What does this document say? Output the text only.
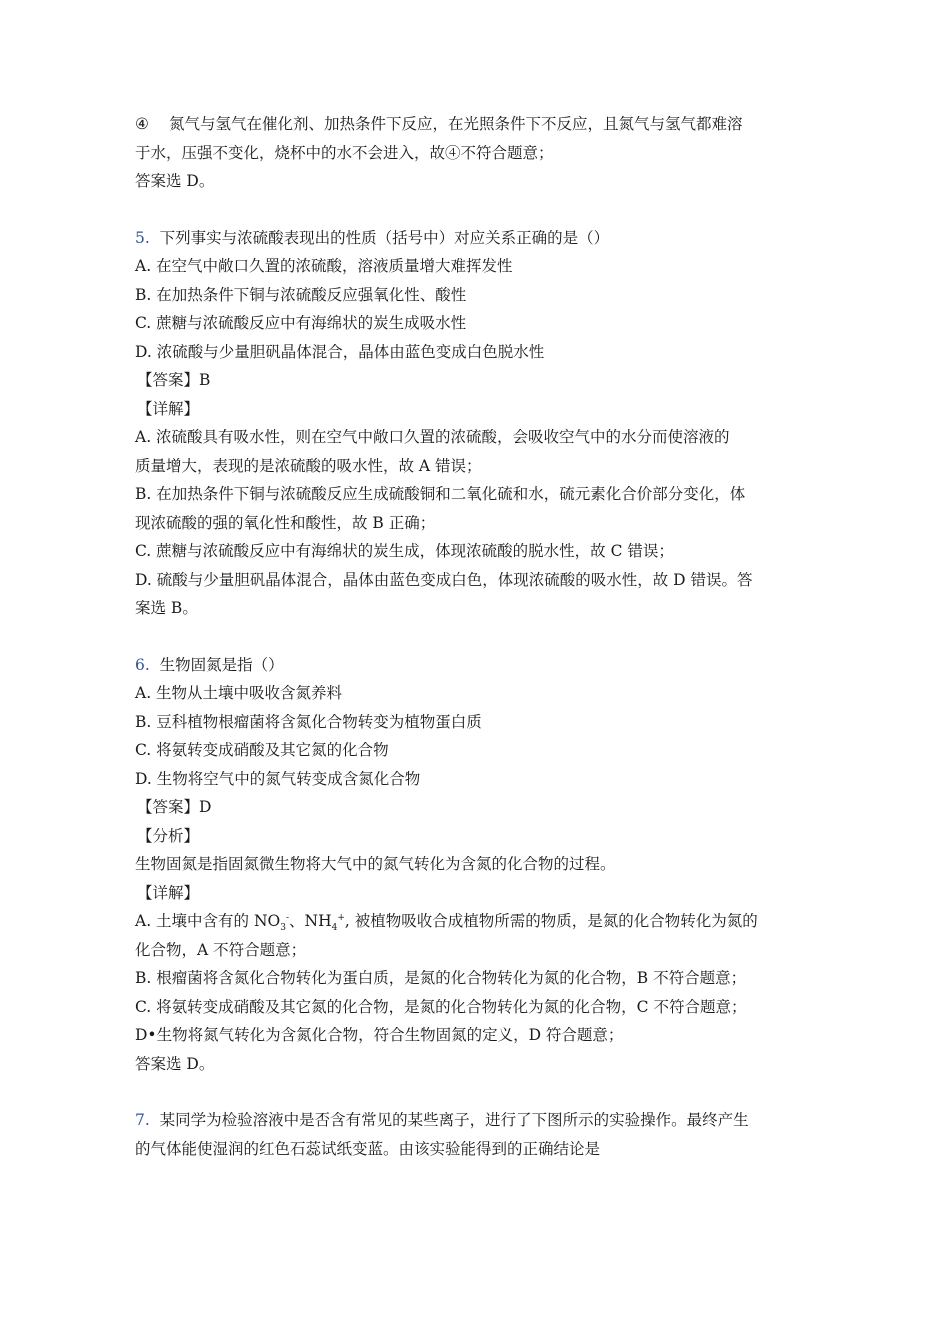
④ 氮气与氢气在催化剂、加热条件下反应，在光照条件下不反应，且氮气与氢气都难溶
于水，压强不变化，烧杯中的水不会进入，故④不符合题意；
答案选 D。
5. 下列事实与浓硫酸表现出的性质（括号中）对应关系正确的是（）
A. 在空气中敞口久置的浓硫酸，溶液质量增大难挥发性
B. 在加热条件下铜与浓硫酸反应强氧化性、酸性
C. 蔗糖与浓硫酸反应中有海绵状的炭生成吸水性
D. 浓硫酸与少量胆矾晶体混合，晶体由蓝色变成白色脱水性
【答案】B
【详解】
A. 浓硫酸具有吸水性，则在空气中敞口久置的浓硫酸，会吸收空气中的水分而使溶液的
质量增大，表现的是浓硫酸的吸水性，故 A 错误；
B. 在加热条件下铜与浓硫酸反应生成硫酸铜和二氧化硫和水，硫元素化合价部分变化，体
现浓硫酸的强的氧化性和酸性，故 B 正确；
C. 蔗糖与浓硫酸反应中有海绵状的炭生成，体现浓硫酸的脱水性，故 C 错误；
D. 硫酸与少量胆矾晶体混合，晶体由蓝色变成白色，体现浓硫酸的吸水性，故 D 错误。答
案选 B。
6. 生物固氮是指（）
A. 生物从土壤中吸收含氮养料
B. 豆科植物根瘤菌将含氮化合物转变为植物蛋白质
C. 将氨转变成硝酸及其它氮的化合物
D. 生物将空气中的氮气转变成含氮化合物
【答案】D
【分析】
生物固氮是指固氮微生物将大气中的氮气转化为含氮的化合物的过程。
【详解】
A. 土壤中含有的 $NO_3^-$、$NH_4^+$, 被植物吸收合成植物所需的物质，是氮的化合物转化为氮的
化合物，A 不符合题意；
B. 根瘤菌将含氮化合物转化为蛋白质，是氮的化合物转化为氮的化合物，B 不符合题意；
C. 将氨转变成硝酸及其它氮的化合物，是氮的化合物转化为氮的化合物，C 不符合题意；
D•生物将氮气转化为含氮化合物，符合生物固氮的定义，D 符合题意；
答案选 D。
7. 某同学为检验溶液中是否含有常见的某些离子，进行了下图所示的实验操作。最终产生
的气体能使湿润的红色石蕊试纸变蓝。由该实验能得到的正确结论是
